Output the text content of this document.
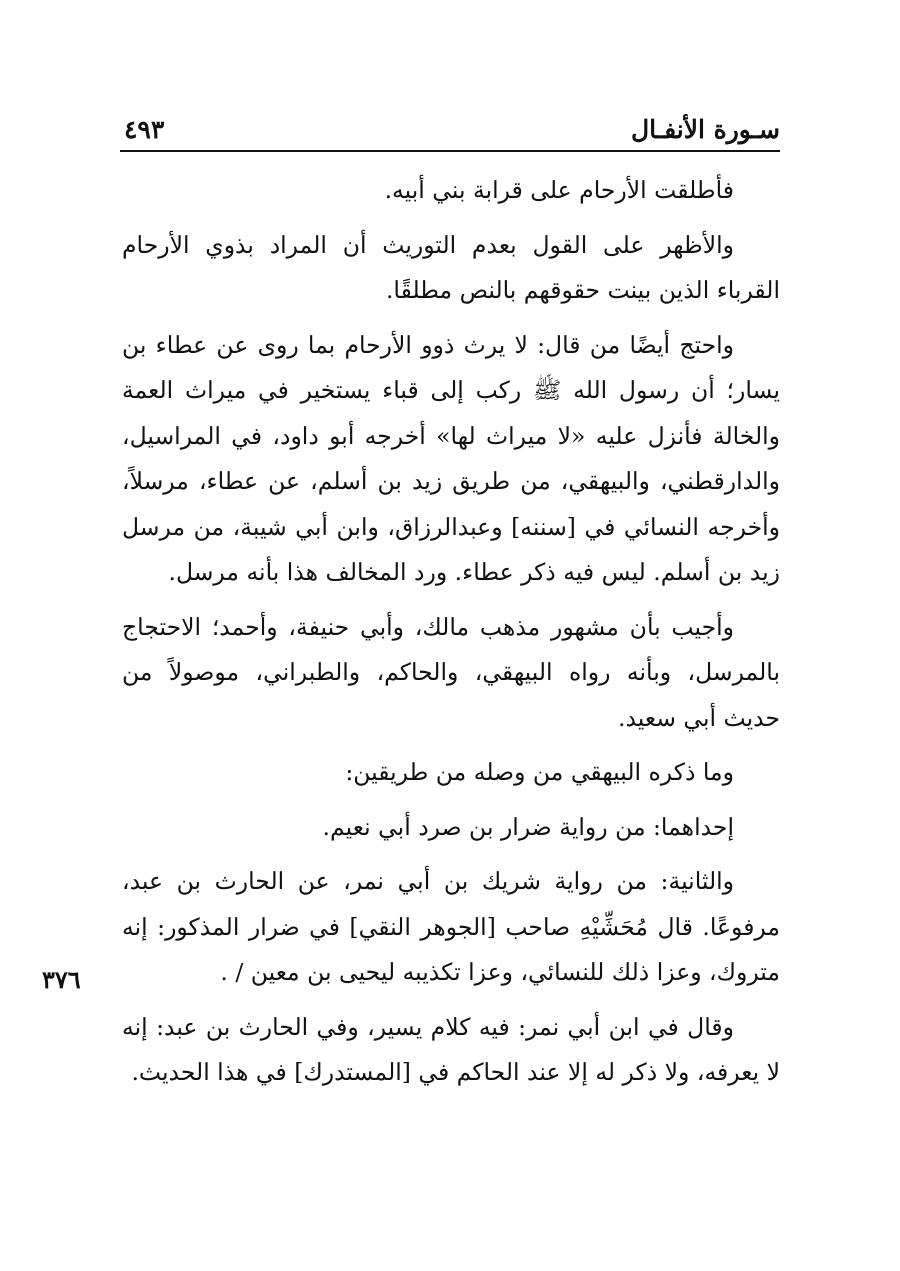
سـورة الأنفـال
٤٩٣

فأطلقت الأرحام على قرابة بني أبيه.

والأظهر على القول بعدم التوريث أن المراد بذوي الأرحام القرباء الذين بينت حقوقهم بالنص مطلقًا.

واحتج أيضًا من قال: لا يرث ذوو الأرحام بما روى عن عطاء بن يسار؛ أن رسول الله ﷺ ركب إلى قباء يستخير في ميراث العمة والخالة فأنزل عليه «لا ميراث لها» أخرجه أبو داود، في المراسيل، والدارقطني، والبيهقي، من طريق زيد بن أسلم، عن عطاء، مرسلاً، وأخرجه النسائي في [سننه] وعبدالرزاق، وابن أبي شيبة، من مرسل زيد بن أسلم. ليس فيه ذكر عطاء. ورد المخالف هذا بأنه مرسل.

وأجيب بأن مشهور مذهب مالك، وأبي حنيفة، وأحمد؛ الاحتجاج بالمرسل، وبأنه رواه البيهقي، والحاكم، والطبراني، موصولاً من حديث أبي سعيد.

وما ذكره البيهقي من وصله من طريقين:

إحداهما: من رواية ضرار بن صرد أبي نعيم.

والثانية: من رواية شريك بن أبي نمر، عن الحارث بن عبد، مرفوعًا. قال مُحَشِّيْهِ صاحب [الجوهر النقي] في ضرار المذكور: إنه متروك، وعزا ذلك للنسائي، وعزا تكذيبه ليحيى بن معين / .

وقال في ابن أبي نمر: فيه كلام يسير، وفي الحارث بن عبد: إنه لا يعرفه، ولا ذكر له إلا عند الحاكم في [المستدرك] في هذا الحديث.

٣٧٦
